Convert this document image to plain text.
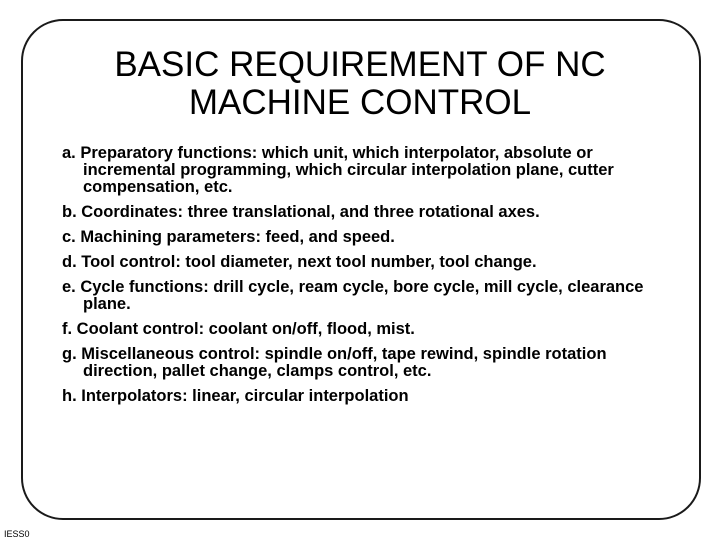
BASIC REQUIREMENT OF NC
MACHINE CONTROL
a. Preparatory functions: which unit, which interpolator, absolute or incremental programming, which circular interpolation plane, cutter compensation, etc.
b. Coordinates: three translational, and three rotational axes.
c. Machining parameters: feed, and speed.
d. Tool control: tool diameter, next tool number, tool change.
e. Cycle functions: drill cycle, ream cycle, bore cycle, mill cycle, clearance plane.
f. Coolant control: coolant on/off, flood, mist.
g. Miscellaneous control: spindle on/off, tape rewind, spindle rotation direction, pallet change, clamps control, etc.
h. Interpolators: linear, circular interpolation
IESS0
